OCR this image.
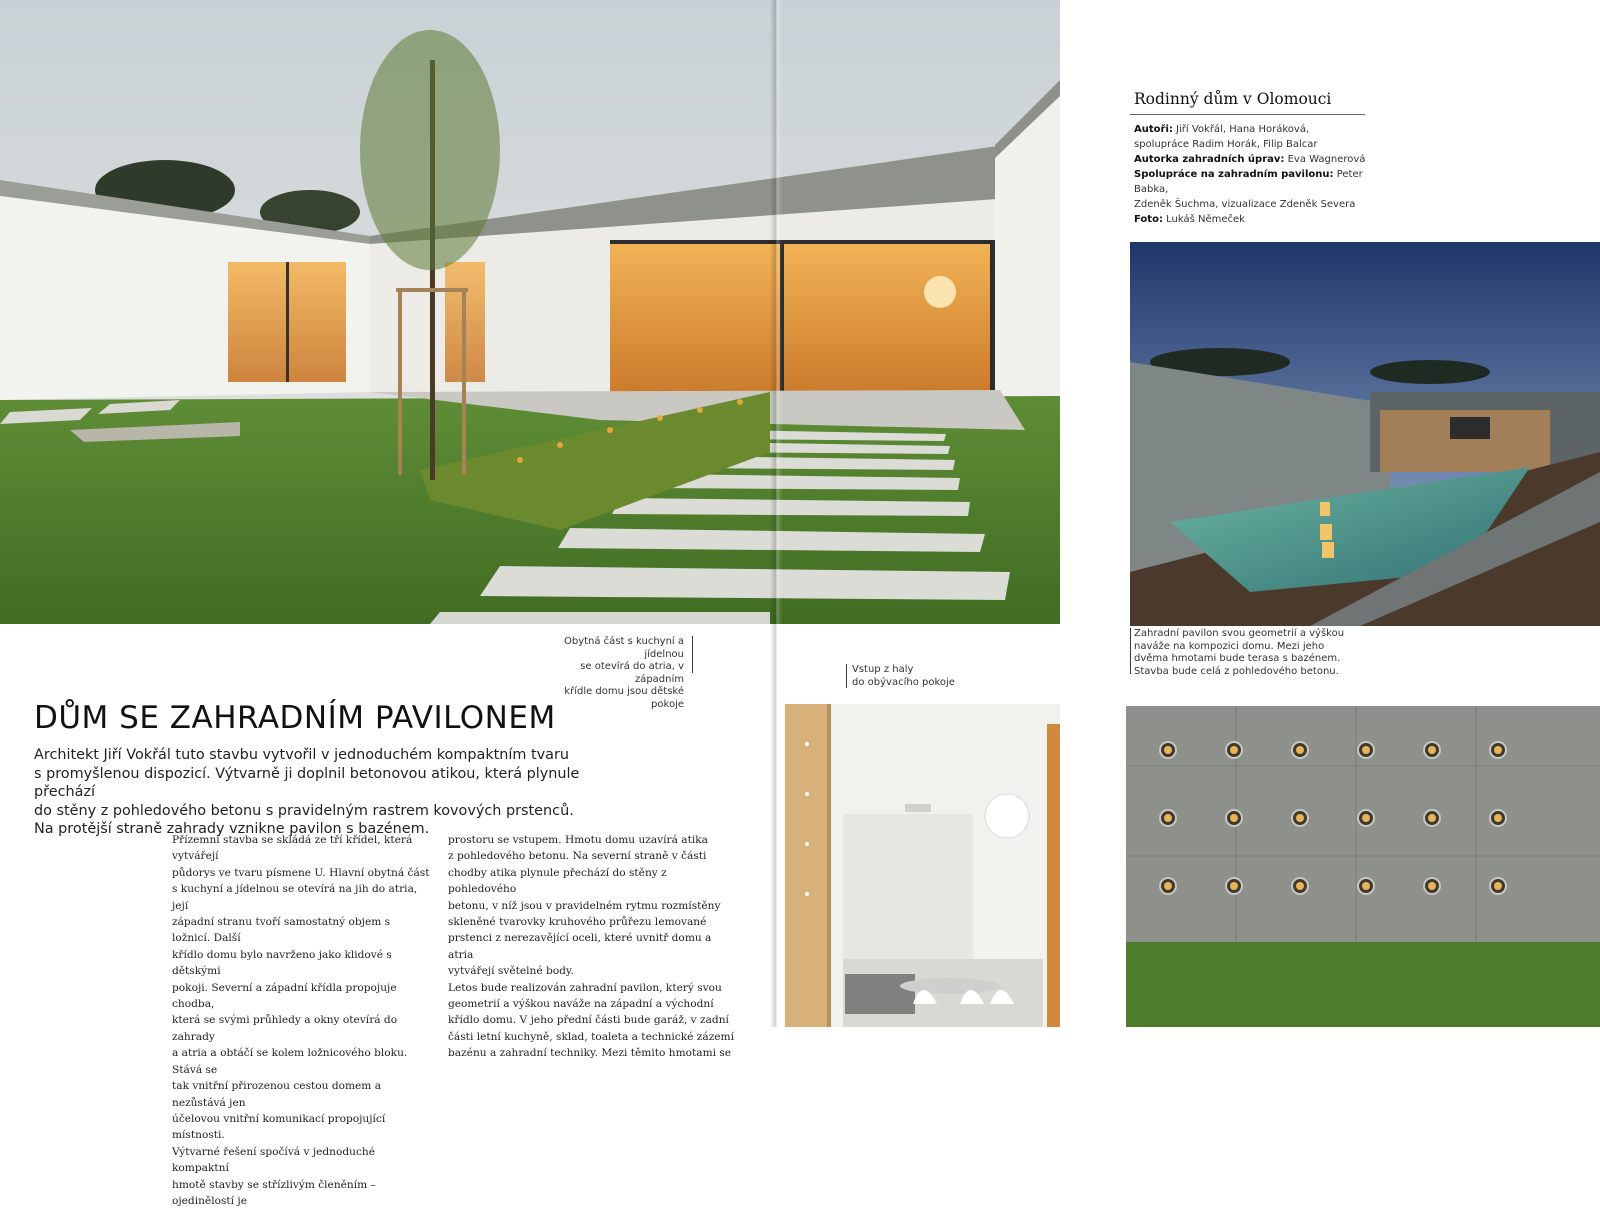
Obytná část s kuchyní a jídelnou
se otevírá do atria, v západním
křídle domu jsou dětské pokoje
DŮM SE ZAHRADNÍM PAVILONEM

Architekt Jiří Vokřál tuto stavbu vytvořil v jednoduchém kompaktním tvaru

s promyšlenou dispozicí. Výtvarně ji doplnil betonovou atikou, která plynule přechází

do stěny z pohledového betonu s pravidelným rastrem kovových prstenců.

Na protější straně zahrady vznikne pavilon s bazénem.

Přízemní stavba se skládá ze tří křídel, která vytvářejí
půdorys ve tvaru písmene U. Hlavní obytná část
s kuchyní a jídelnou se otevírá na jih do atria, její
západní stranu tvoří samostatný objem s ložnicí. Další
křídlo domu bylo navrženo jako klidové s dětskými
pokoji. Severní a západní křídla propojuje chodba,
která se svými průhledy a okny otevírá do zahrady
a atria a obtáčí se kolem ložnicového bloku. Stává se
tak vnitřní přirozenou cestou domem a nezůstává jen
účelovou vnitřní komunikací propojující místnosti.
Výtvarné řešení spočívá v jednoduché kompaktní
hmotě stavby se střízlivým členěním – ojedinělostí je
prostoru se vstupem. Hmotu domu uzavírá atika
z pohledového betonu. Na severní straně v části
chodby atika plynule přechází do stěny z pohledového
betonu, v níž jsou v pravidelném rytmu rozmístěny
skleněné tvarovky kruhového průřezu lemované
prstenci z nerezavějící oceli, které uvnitř domu a atria
vytvářejí světelné body.
Letos bude realizován zahradní pavilon, který svou
geometrií a výškou naváže na západní a východní
křídlo domu. V jeho přední části bude garáž, v zadní
části letní kuchyně, sklad, toaleta a technické zázemí
bazénu a zahradní techniky. Mezi těmito hmotami se
Vstup z haly
do obývacího pokoje
Rodinný dům v Olomouci
Autoři: Jiří Vokřál, Hana Horáková,
spolupráce Radim Horák, Filip Balcar
Autorka zahradních úprav: Eva Wagnerová
Spolupráce na zahradním pavilonu: Peter Babka,
Zdeněk Šuchma, vizualizace Zdeněk Severa
Foto: Lukáš Němeček
Zahradní pavilon svou geometrií a výškou
naváže na kompozici domu. Mezi jeho
dvěma hmotami bude terasa s bazénem.
Stavba bude celá z pohledového betonu.
